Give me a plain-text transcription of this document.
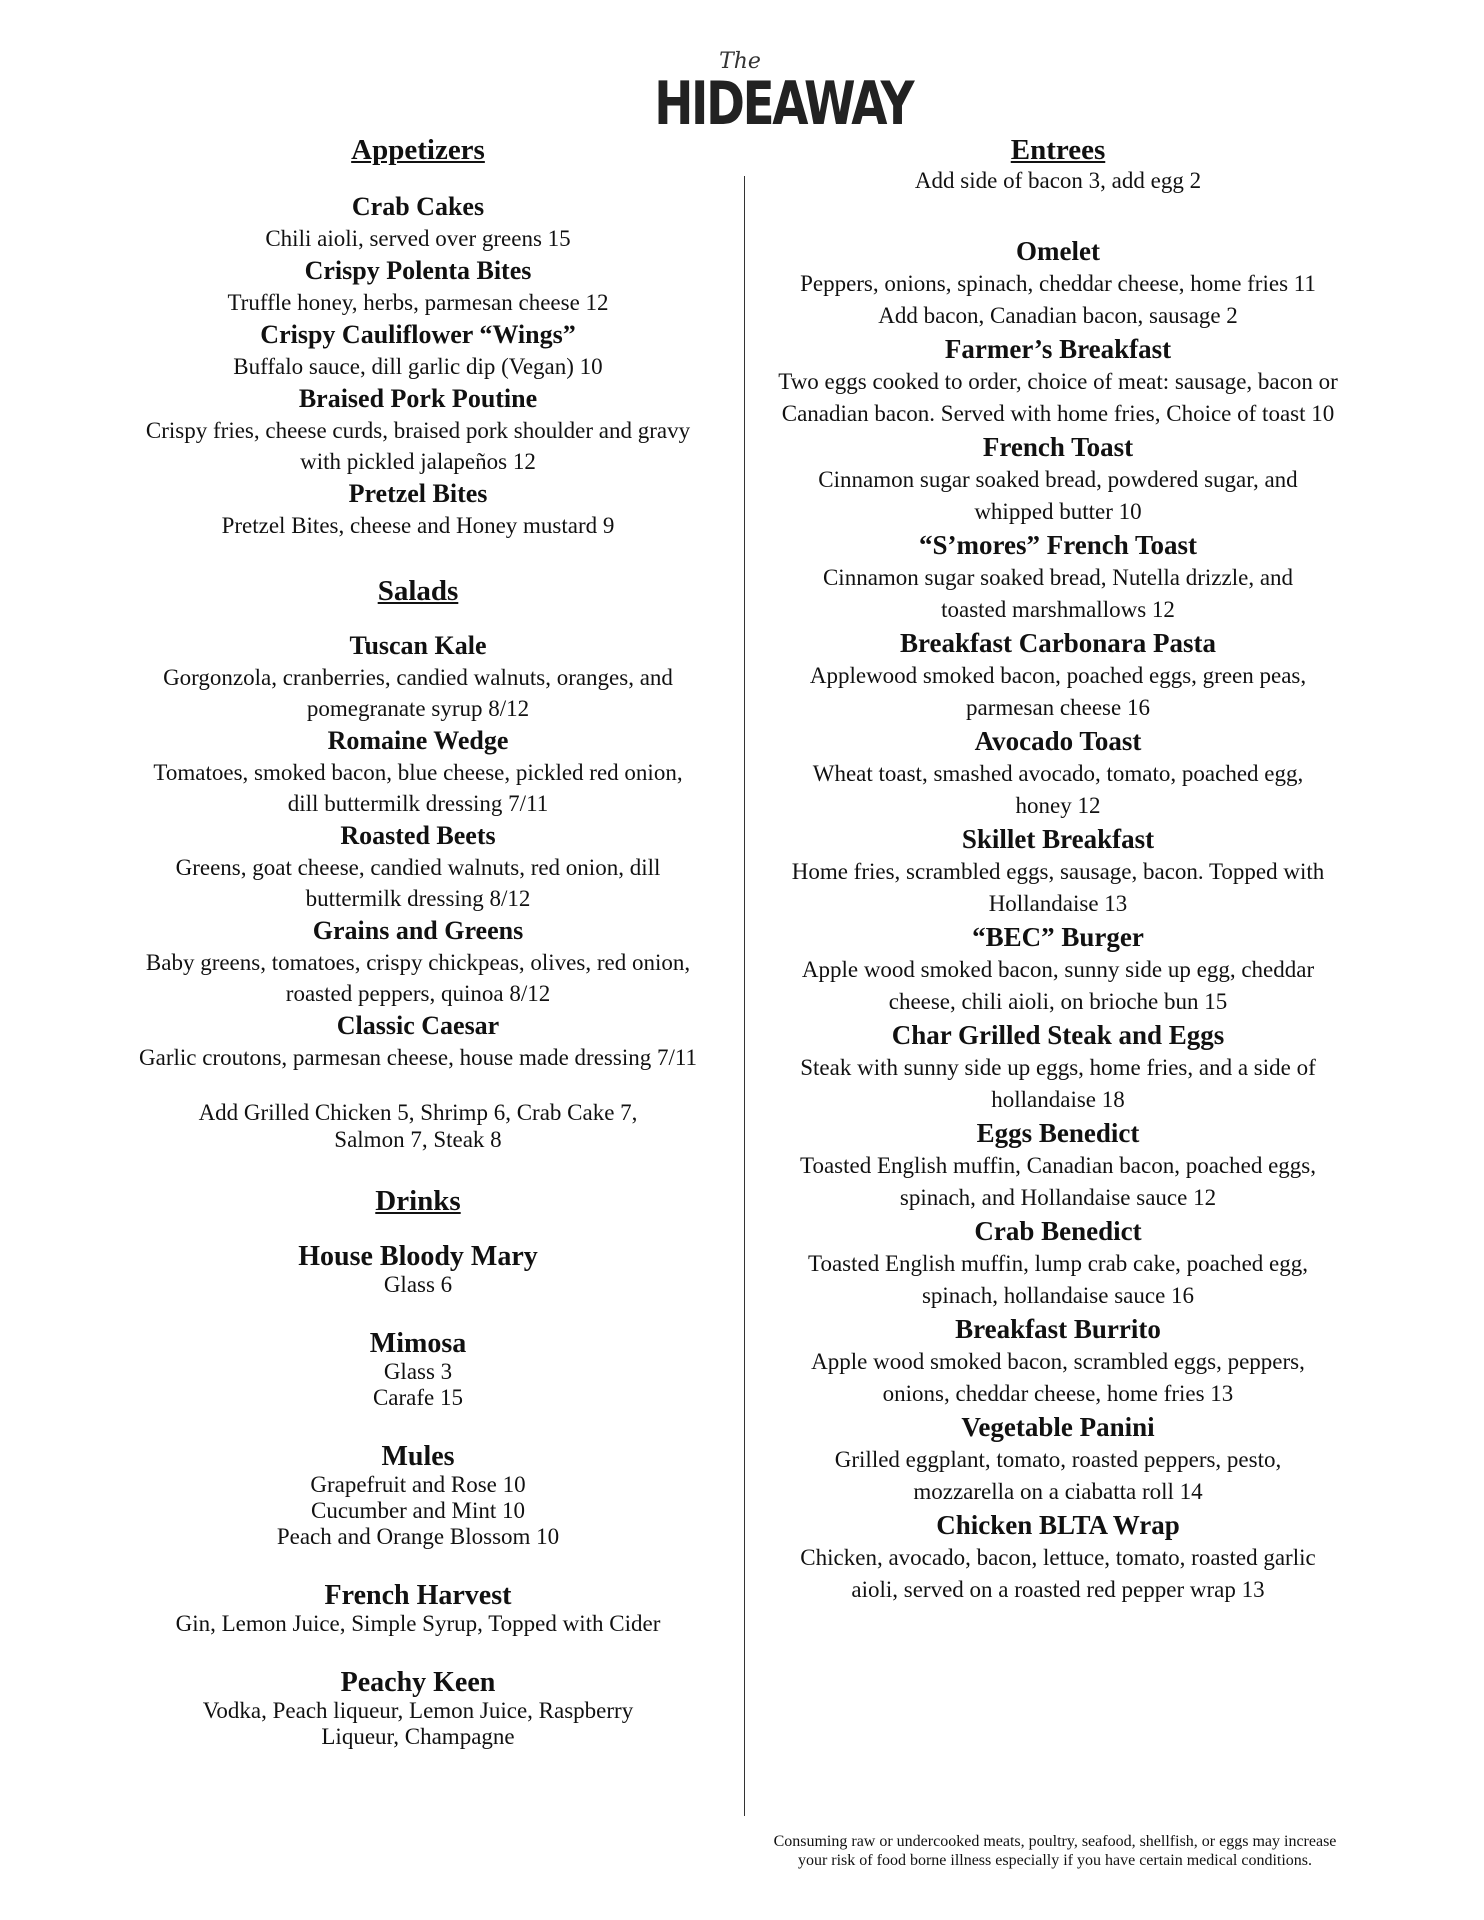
The
HIDEAWAY
Appetizers
Crab Cakes
Chili aioli, served over greens 15
Crispy Polenta Bites
Truffle honey, herbs, parmesan cheese 12
Crispy Cauliflower “Wings”
Buffalo sauce, dill garlic dip (Vegan) 10
Braised Pork Poutine
Crispy fries, cheese curds, braised pork shoulder and gravy with pickled jalapeños 12
Pretzel Bites
Pretzel Bites, cheese and Honey mustard 9
Salads
Tuscan Kale
Gorgonzola, cranberries, candied walnuts, oranges, and pomegranate syrup 8/12
Romaine Wedge
Tomatoes, smoked bacon, blue cheese, pickled red onion, dill buttermilk dressing 7/11
Roasted Beets
Greens, goat cheese, candied walnuts, red onion, dill buttermilk dressing 8/12
Grains and Greens
Baby greens, tomatoes, crispy chickpeas, olives, red onion, roasted peppers, quinoa 8/12
Classic Caesar
Garlic croutons, parmesan cheese, house made dressing 7/11
Add Grilled Chicken 5, Shrimp 6, Crab Cake 7, Salmon 7, Steak 8
Drinks
House Bloody Mary
Glass 6
Mimosa
Glass 3
Carafe 15
Mules
Grapefruit and Rose 10
Cucumber and Mint 10
Peach and Orange Blossom 10
French Harvest
Gin, Lemon Juice, Simple Syrup, Topped with Cider
Peachy Keen
Vodka, Peach liqueur, Lemon Juice, Raspberry Liqueur, Champagne
Entrees
Add side of bacon 3, add egg 2
Omelet
Peppers, onions, spinach, cheddar cheese, home fries 11 Add bacon, Canadian bacon, sausage 2
Farmer’s Breakfast
Two eggs cooked to order, choice of meat: sausage, bacon or Canadian bacon. Served with home fries, Choice of toast 10
French Toast
Cinnamon sugar soaked bread, powdered sugar, and whipped butter 10
“S’mores” French Toast
Cinnamon sugar soaked bread, Nutella drizzle, and toasted marshmallows 12
Breakfast Carbonara Pasta
Applewood smoked bacon, poached eggs, green peas, parmesan cheese 16
Avocado Toast
Wheat toast, smashed avocado, tomato, poached egg, honey 12
Skillet Breakfast
Home fries, scrambled eggs, sausage, bacon. Topped with Hollandaise 13
“BEC” Burger
Apple wood smoked bacon, sunny side up egg, cheddar cheese, chili aioli, on brioche bun 15
Char Grilled Steak and Eggs
Steak with sunny side up eggs, home fries, and a side of hollandaise 18
Eggs Benedict
Toasted English muffin, Canadian bacon, poached eggs, spinach, and Hollandaise sauce 12
Crab Benedict
Toasted English muffin, lump crab cake, poached egg, spinach, hollandaise sauce 16
Breakfast Burrito
Apple wood smoked bacon, scrambled eggs, peppers, onions, cheddar cheese, home fries 13
Vegetable Panini
Grilled eggplant, tomato, roasted peppers, pesto, mozzarella on a ciabatta roll 14
Chicken BLTA Wrap
Chicken, avocado, bacon, lettuce, tomato, roasted garlic aioli, served on a roasted red pepper wrap 13
Consuming raw or undercooked meats, poultry, seafood, shellfish, or eggs may increase your risk of food borne illness especially if you have certain medical conditions.
